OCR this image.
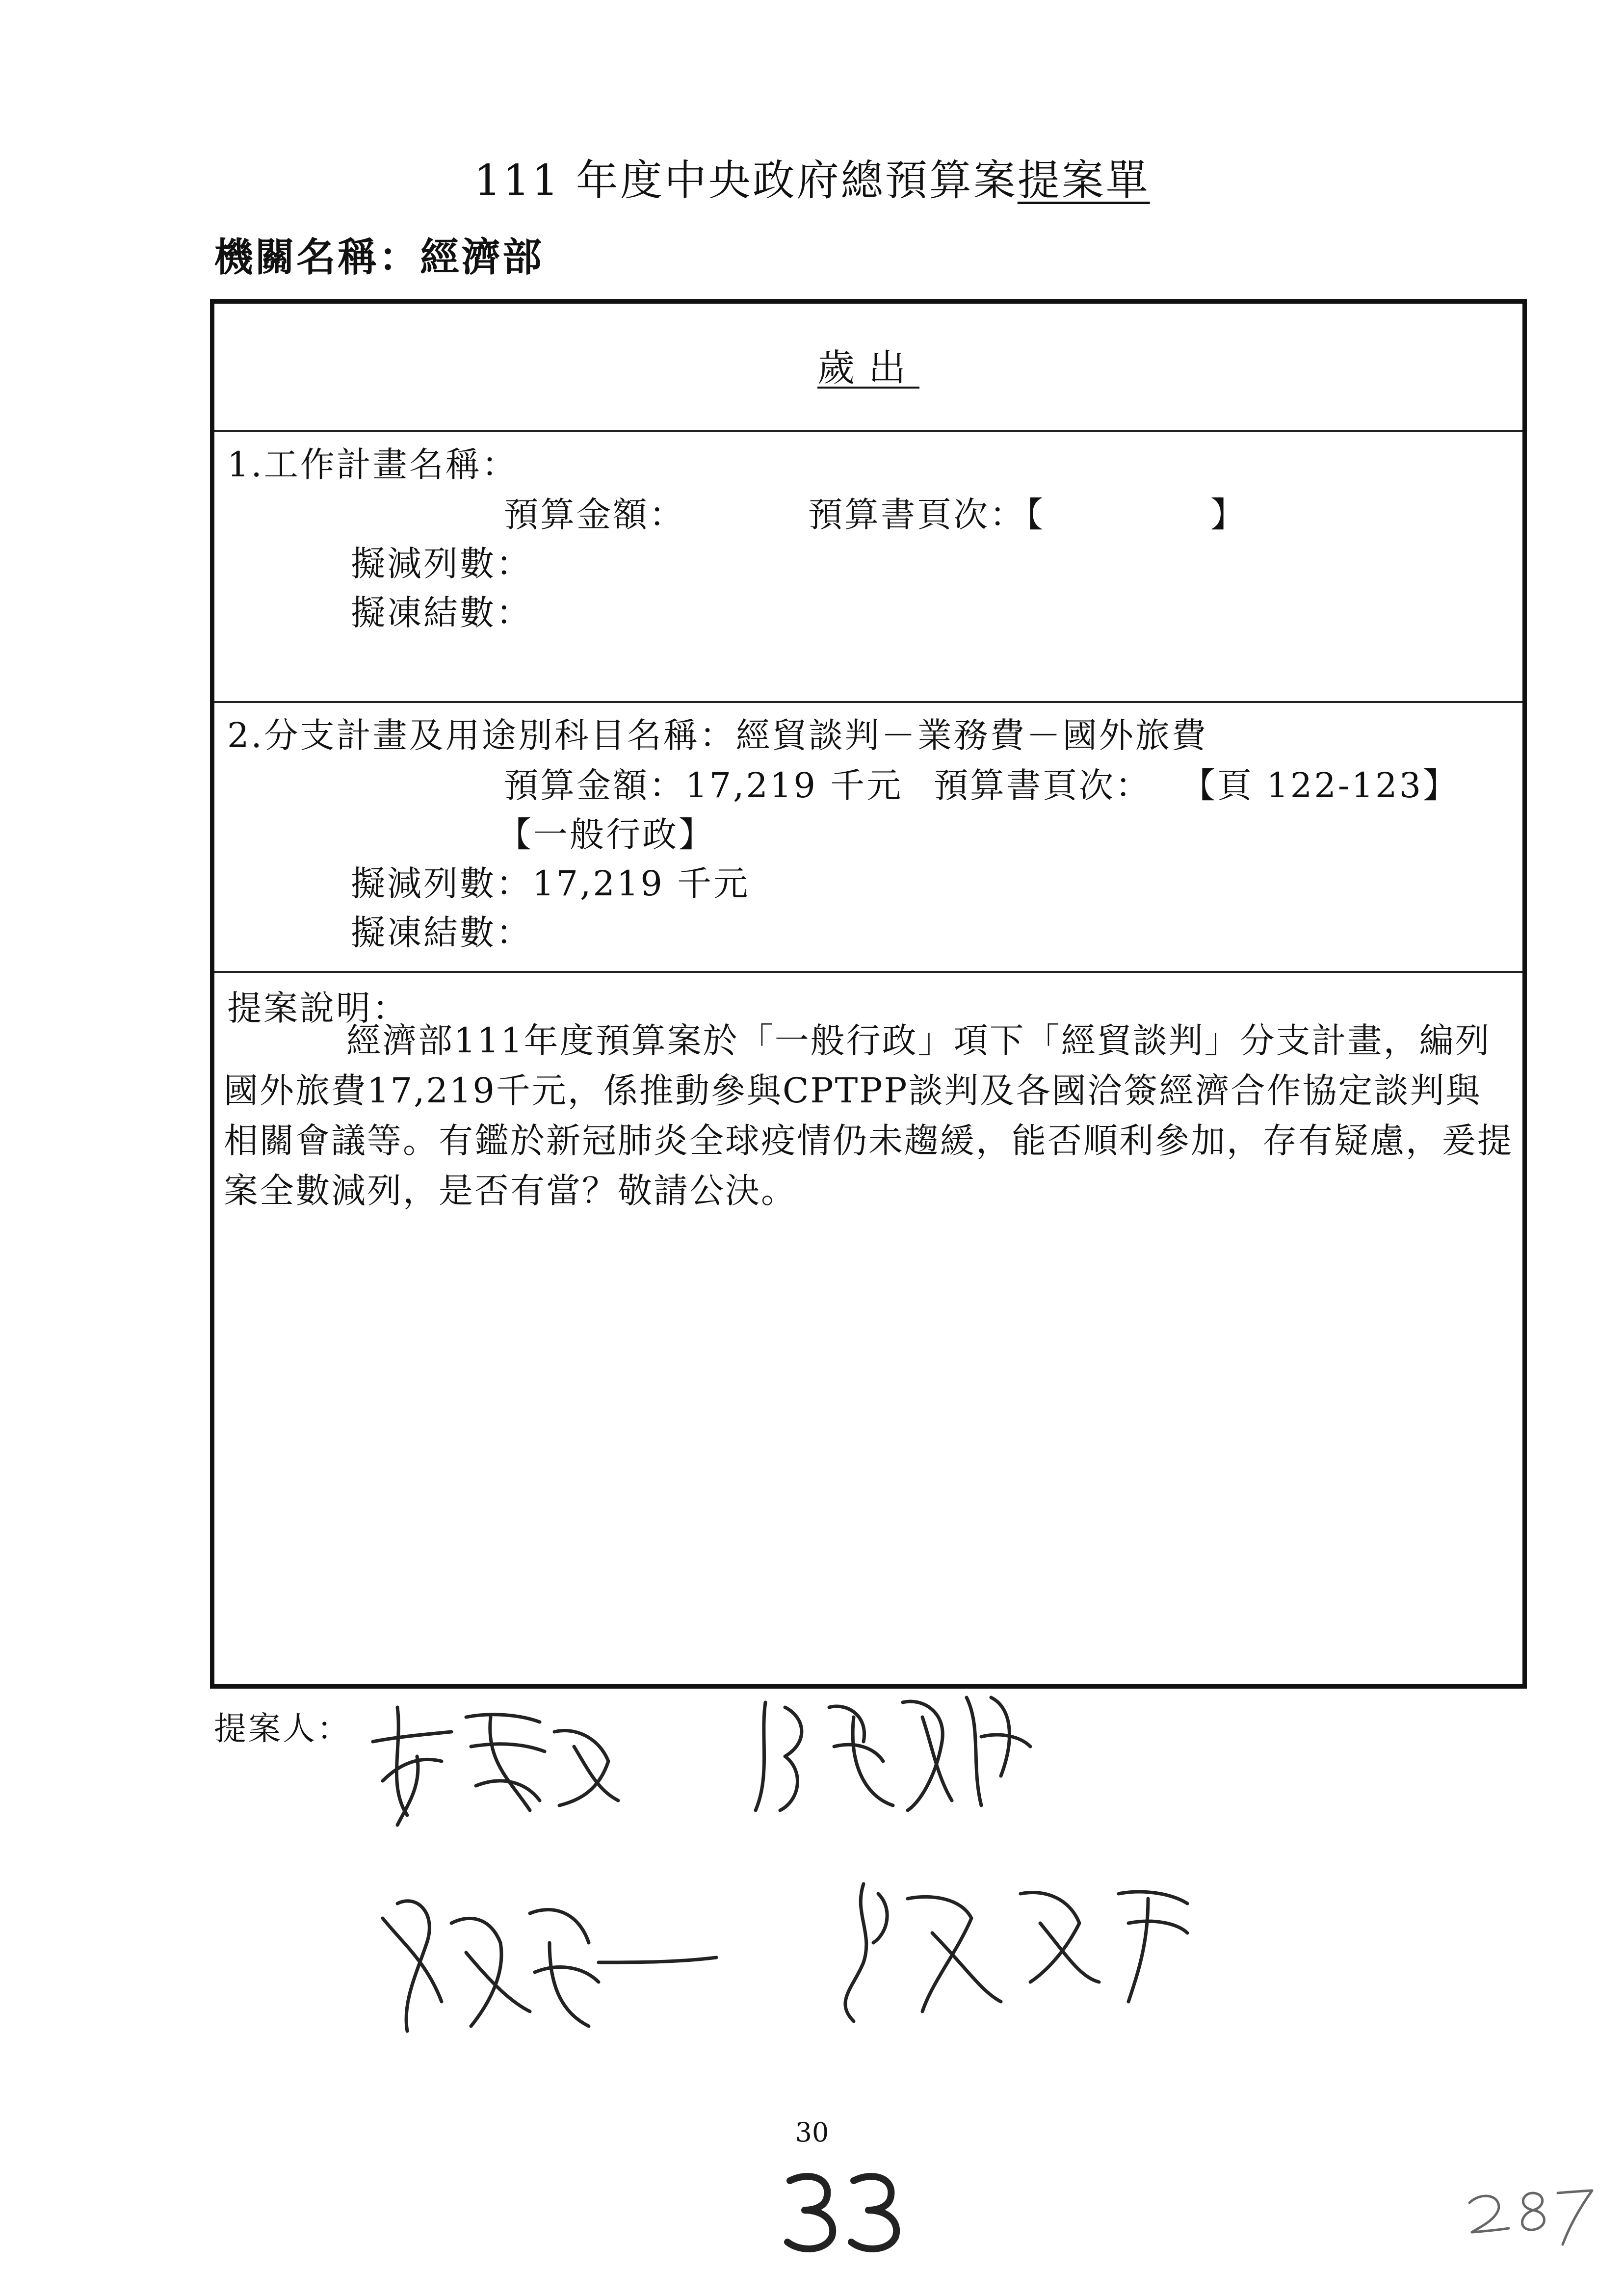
111 年度中央政府總預算案提案單
機關名稱：經濟部
歲出
1.工作計畫名稱：
預算金額：	預算書頁次：【	】
擬減列數：
擬凍結數：
2.分支計畫及用途別科目名稱：經貿談判－業務費－國外旅費
預算金額：17,219 千元 預算書頁次： 【頁 122-123】
【一般行政】
擬減列數：17,219 千元
擬凍結數：
提案說明：
經濟部111年度預算案於「一般行政」項下「經貿談判」分支計畫，編列國外旅費17,219千元，係推動參與CPTPP談判及各國洽簽經濟合作協定談判與相關會議等。有鑑於新冠肺炎全球疫情仍未趨緩，能否順利參加，存有疑慮，爰提案全數減列，是否有當？敬請公決。
提案人：
30
